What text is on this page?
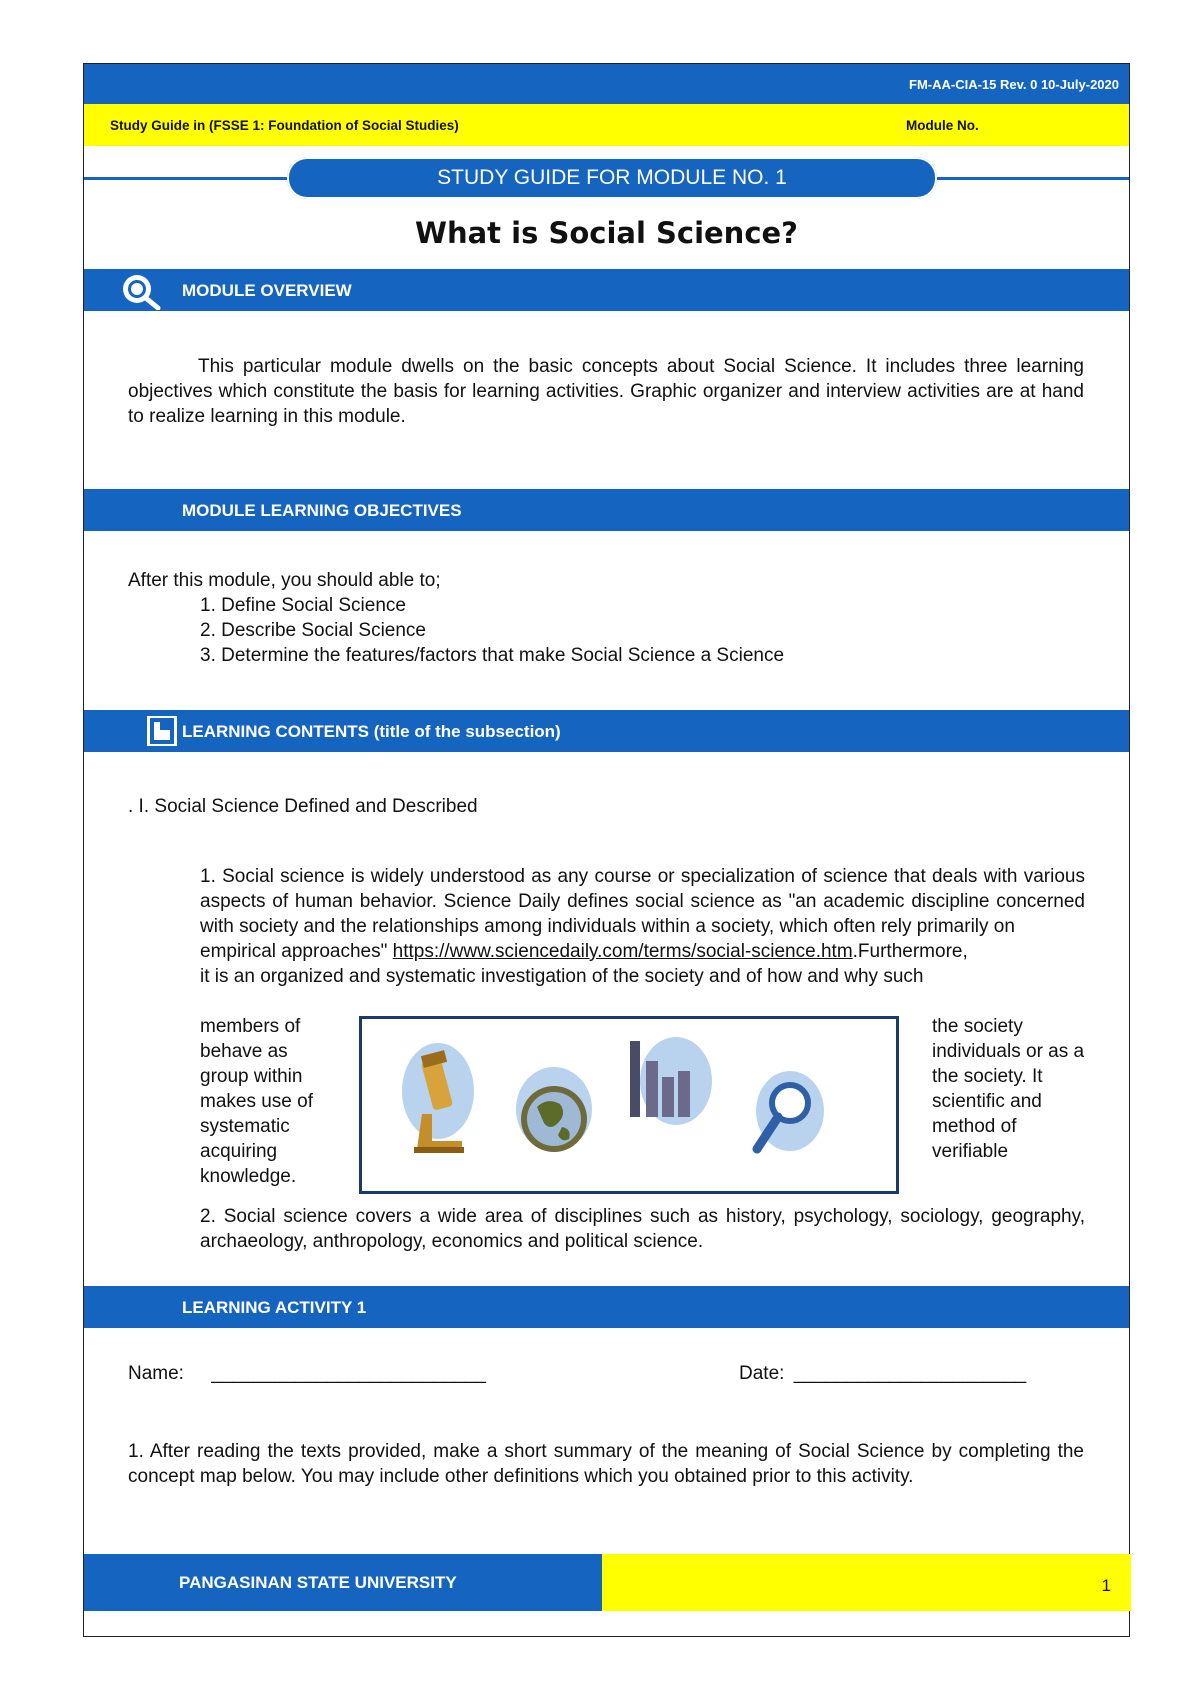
FM-AA-CIA-15 Rev. 0 10-July-2020
Study Guide in (FSSE 1: Foundation of Social Studies)	Module No.
STUDY GUIDE FOR MODULE NO. 1
What is Social Science?
MODULE OVERVIEW
This particular module dwells on the basic concepts about Social Science. It includes three learning objectives which constitute the basis for learning activities. Graphic organizer and interview activities are at hand to realize learning in this module.
MODULE LEARNING OBJECTIVES
After this module, you should able to;
1. Define Social Science
2. Describe Social Science
3. Determine the features/factors that make Social Science a Science
LEARNING CONTENTS (title of the subsection)
. I. Social Science Defined and Described
1. Social science is widely understood as any course or specialization of science that deals with various aspects of human behavior. Science Daily defines social science as "an academic discipline concerned with society and the relationships among individuals within a society, which often rely primarily on
empirical approaches" https://www.sciencedaily.com/terms/social-science.htm.Furthermore,
it is an organized and systematic investigation of the society and of how and why such
members of
behave as
group within
makes use of
systematic
acquiring
knowledge.
the society
individuals or as a
the society. It
scientific and
method of
verifiable
2. Social science covers a wide area of disciplines such as history, psychology, sociology, geography, archaeology, anthropology, economics and political science.
LEARNING ACTIVITY 1
Name: __________________________	Date: ______________________
1. After reading the texts provided, make a short summary of the meaning of Social Science by completing the concept map below. You may include other definitions which you obtained prior to this activity.
PANGASINAN STATE UNIVERSITY	1
